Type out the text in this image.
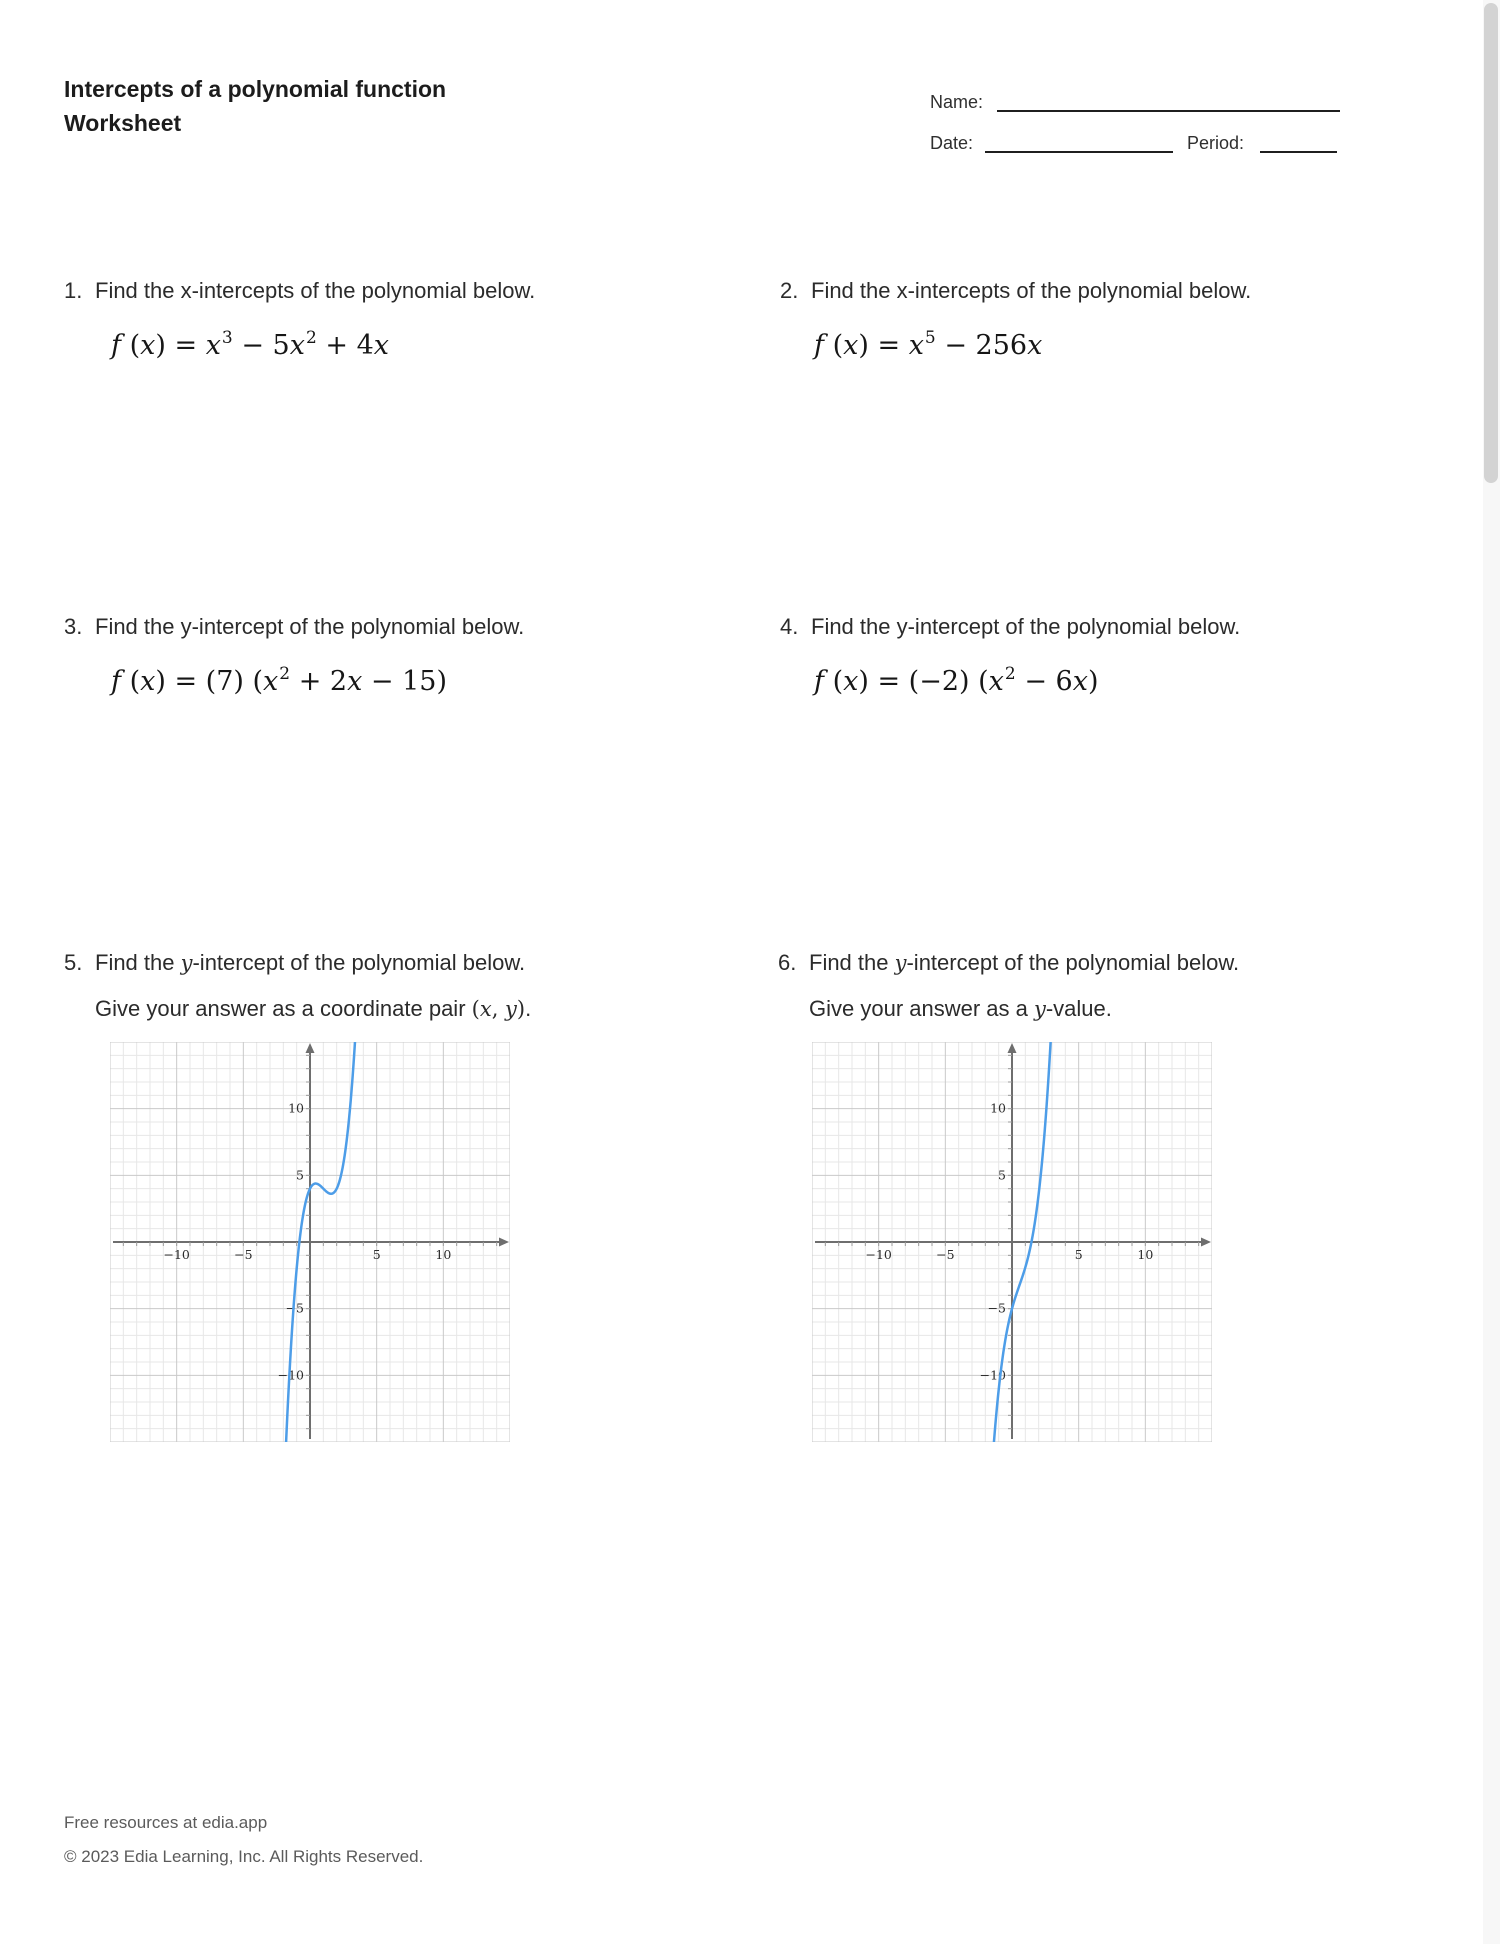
Intercepts of a polynomial function
Worksheet
Name:
Date:	Period:
1. Find the x-intercepts of the polynomial below.
f $(x) = x^3 - 5x^2 + 4x$
2. Find the x-intercepts of the polynomial below.
f $(x) = x^5 - 256x$
3. Find the y-intercept of the polynomial below.
f (x) = (7) $(x^2 + 2x - 15)$
4. Find the y-intercept of the polynomial below.
f (x) = (−2) $(x^2 - 6x)$
5. Find the y-intercept of the polynomial below.
Give your answer as a coordinate pair (x, y).
−10	−5	5	10
−10
−5
5
10
6. Find the y-intercept of the polynomial below.
Give your answer as a y-value.
−10	−5	5	10
−10
−5
5
10
Free resources at edia.app
© 2023 Edia Learning, Inc. All Rights Reserved.
